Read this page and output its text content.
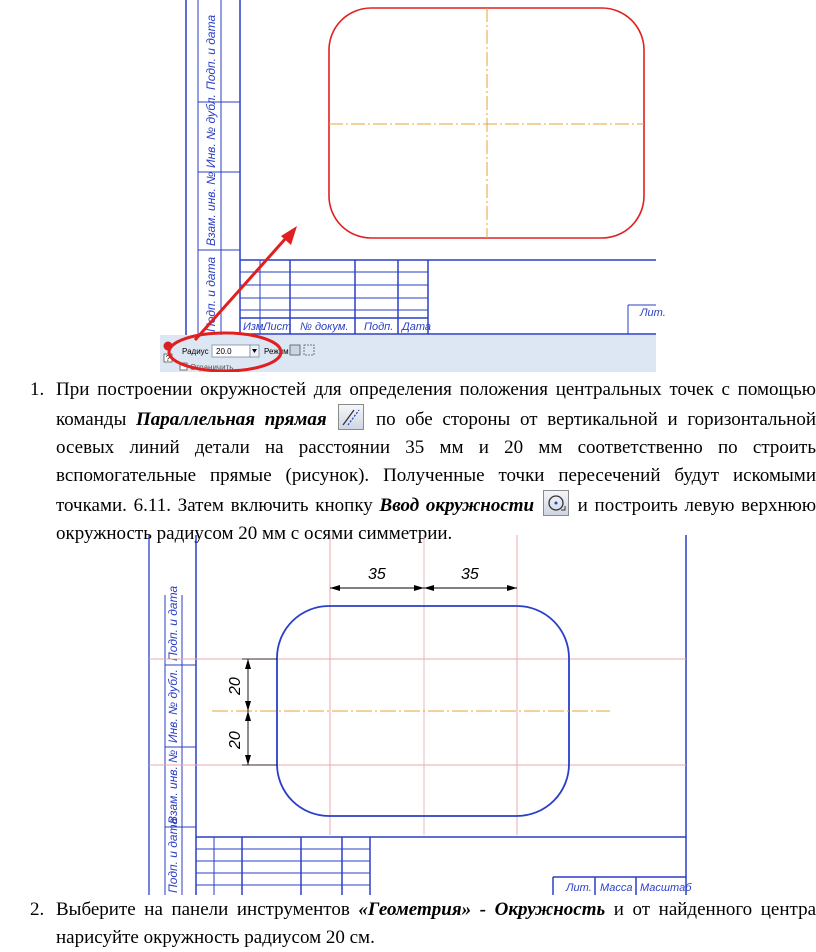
Подп. и дата
Инв. № дубл.
Взам. инв. №
Подп. и дата Изм.
Лист № докум. Подп. Дата
Лит.
?
Радиус 20.0	Режим
Ограничить...
1. При построении окружностей для определения положения центральных точек с помощью команды Параллельная прямая  по обе стороны от вертикальной и горизонтальной осевых линий детали на расстоянии 35 мм и 20 мм соответственно по строить вспомогательные прямые (рисунок). Полученные точки пересечений будут искомыми точками. 6.11. Затем включить кнопку Ввод окружности  и построить левую верхнюю окружность радиусом 20 мм с осями симметрии.
Подп. и дата
Инв. № дубл.
Взам. инв. №
Подп. и дата
35	35
20
20
Лит. Масса Масштаб
2. Выберите на панели инструментов «Геометрия» - Окружность и от найденного центра нарисуйте окружность радиусом 20 см.
